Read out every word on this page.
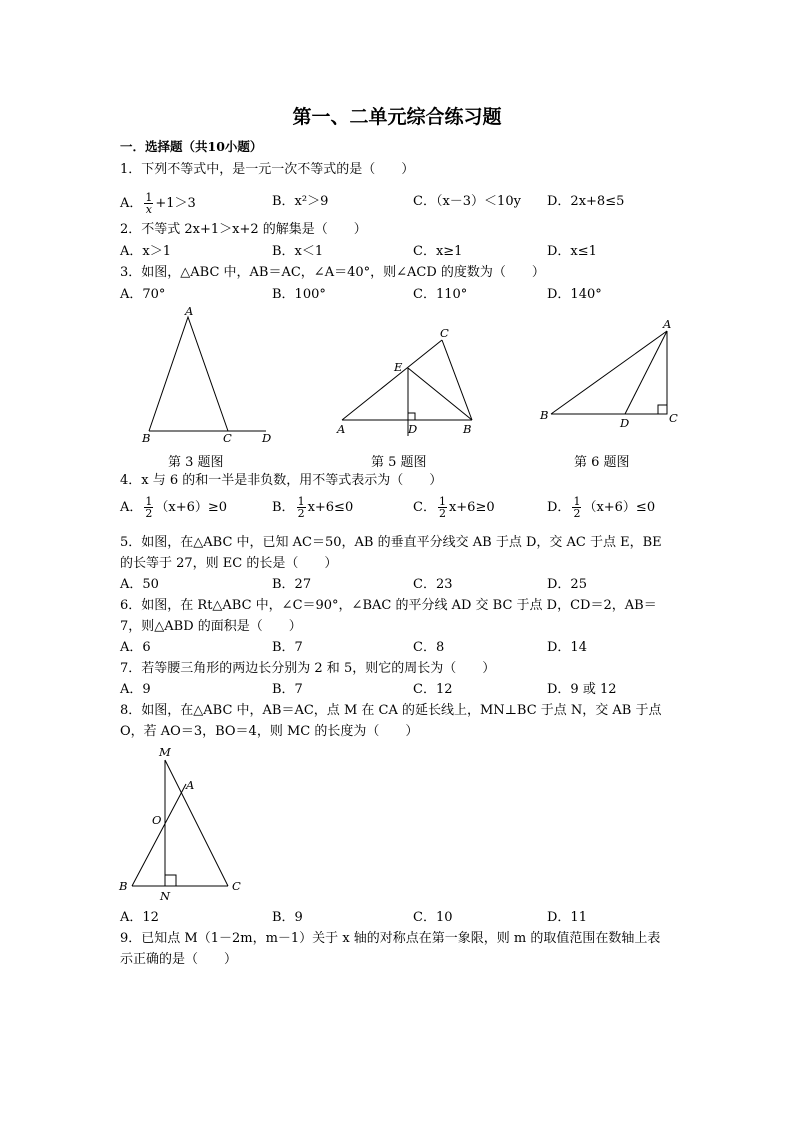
第一、二单元综合练习题
一．选择题（共10小题）
1．下列不等式中，是一元一次不等式的是（　　）
A． $\frac{1}{x} +1>3$	B．x²＞9	C．（x－3）＜10y D．2x+8≤5
2．不等式 2x+1＞x+2 的解集是（　　）
A．x＞1	B．x＜1	C．x≥1	D．x≤1
3．如图，△ABC 中，AB＝AC，∠A＝40°，则∠ACD 的度数为（　　）
A．70°	B．100°	C．110°	D．140°
A
B	C	D
C
E
A	D	B
A
B
D	C
第 3 题图	第 5 题图	第 6 题图
4．x 与 6 的和一半是非负数，用不等式表示为（　　）
A． $\frac{1}{2} (x+6)\ge 0$	B． $\frac{1}{2} x+6\le 0$	C． $\frac{1}{2} x+6\ge 0$	D． $\frac{1}{2} (x+6)\le 0$
5．如图，在△ABC 中，已知 AC＝50，AB 的垂直平分线交 AB 于点 D，交 AC 于点 E，BE
的长等于 27，则 EC 的长是（　　）
A．50	B．27	C．23	D．25
6．如图，在 Rt△ABC 中，∠C＝90°，∠BAC 的平分线 AD 交 BC 于点 D，CD＝2，AB＝
7，则△ABD 的面积是（　　）
A．6	B．7	C．8	D．14
7．若等腰三角形的两边长分别为 2 和 5，则它的周长为（　　）
A．9	B．7	C．12	D．9 或 12
8．如图，在△ABC 中，AB＝AC，点 M 在 CA 的延长线上，MN⊥BC 于点 N，交 AB 于点
O，若 AO＝3，BO＝4，则 MC 的长度为（　　）
M
A
O
B	C
N
A．12	B．9	C．10	D．11
9．已知点 M（1－2m，m－1）关于 x 轴的对称点在第一象限，则 m 的取值范围在数轴上表
示正确的是（　　）
